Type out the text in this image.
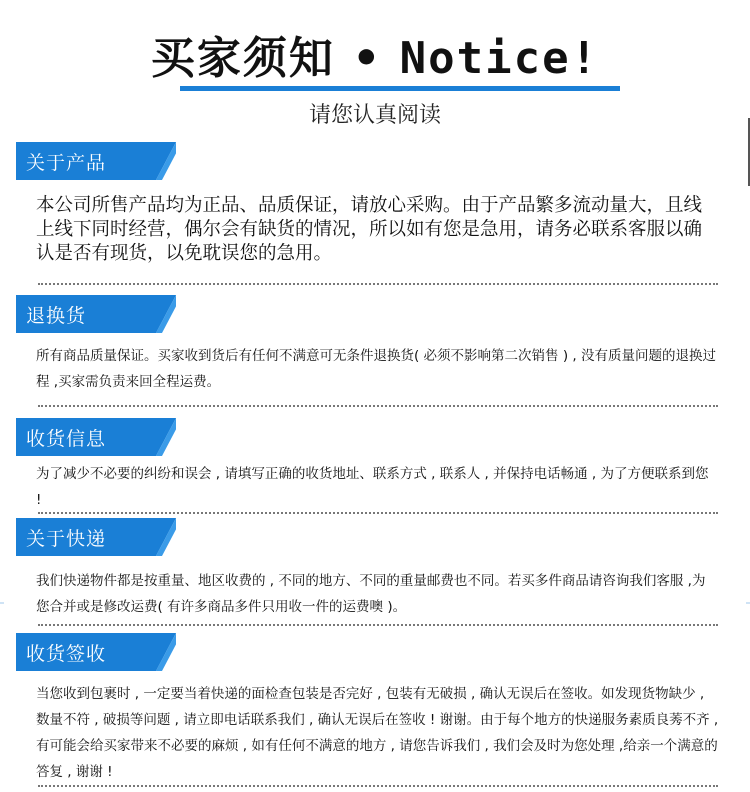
买家须知 • Notice!
请您认真阅读
关于产品
本公司所售产品均为正品、品质保证，请放心采购。由于产品繁多流动量大，且线上线下同时经营，偶尔会有缺货的情况，所以如有您是急用，请务必联系客服以确认是否有现货，以免耽误您的急用。
退换货
所有商品质量保证。买家收到货后有任何不满意可无条件退换货( 必须不影响第二次销售 ) , 没有质量问题的退换过程 ,买家需负责来回全程运费。
收货信息
为了减少不必要的纠纷和误会 , 请填写正确的收货地址、联系方式 , 联系人 , 并保持电话畅通 , 为了方便联系到您 !
关于快递
我们快递物件都是按重量、地区收费的 , 不同的地方、不同的重量邮费也不同。若买多件商品请咨询我们客服 ,为您合并或是修改运费( 有许多商品多件只用收一件的运费噢 )。
收货签收
当您收到包裹时 , 一定要当着快递的面检查包装是否完好 , 包装有无破损 , 确认无误后在签收。如发现货物缺少 , 数量不符 , 破损等问题 , 请立即电话联系我们 , 确认无误后在签收 ! 谢谢。由于每个地方的快递服务素质良莠不齐 , 有可能会给买家带来不必要的麻烦 , 如有任何不满意的地方 , 请您告诉我们 , 我们会及时为您处理 ,给亲一个满意的答复 , 谢谢 !
